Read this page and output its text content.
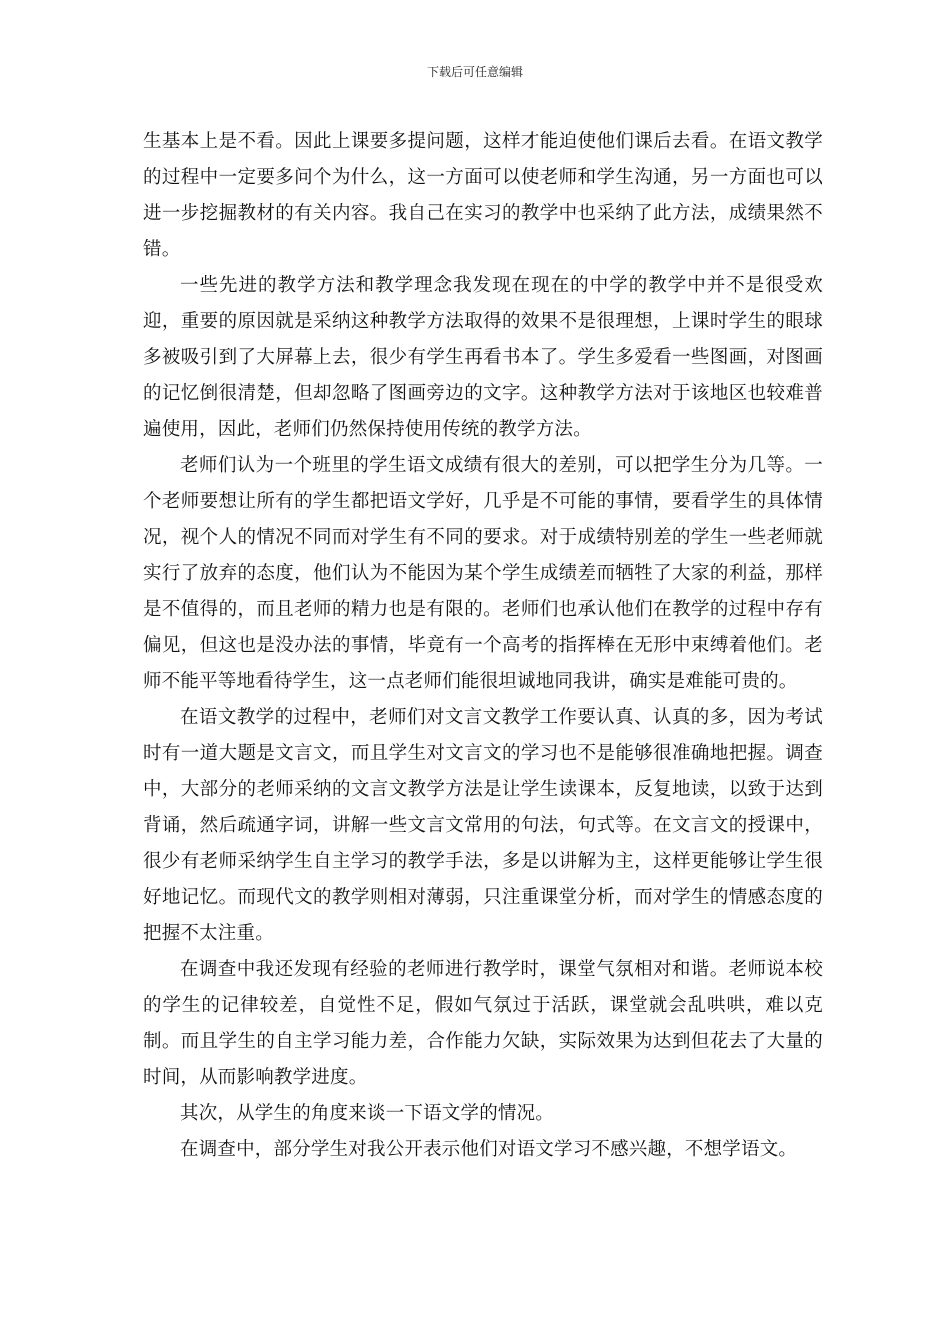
下载后可任意编辑

生基本上是不看。因此上课要多提问题，这样才能迫使他们课后去看。在语文教学的过程中一定要多问个为什么，这一方面可以使老师和学生沟通，另一方面也可以进一步挖掘教材的有关内容。我自己在实习的教学中也采纳了此方法，成绩果然不错。

一些先进的教学方法和教学理念我发现在现在的中学的教学中并不是很受欢迎，重要的原因就是采纳这种教学方法取得的效果不是很理想，上课时学生的眼球多被吸引到了大屏幕上去，很少有学生再看书本了。学生多爱看一些图画，对图画的记忆倒很清楚，但却忽略了图画旁边的文字。这种教学方法对于该地区也较难普遍使用，因此，老师们仍然保持使用传统的教学方法。

老师们认为一个班里的学生语文成绩有很大的差别，可以把学生分为几等。一个老师要想让所有的学生都把语文学好，几乎是不可能的事情，要看学生的具体情况，视个人的情况不同而对学生有不同的要求。对于成绩特别差的学生一些老师就实行了放弃的态度，他们认为不能因为某个学生成绩差而牺牲了大家的利益，那样是不值得的，而且老师的精力也是有限的。老师们也承认他们在教学的过程中存有偏见，但这也是没办法的事情，毕竟有一个高考的指挥棒在无形中束缚着他们。老师不能平等地看待学生，这一点老师们能很坦诚地同我讲，确实是难能可贵的。

在语文教学的过程中，老师们对文言文教学工作要认真、认真的多，因为考试时有一道大题是文言文，而且学生对文言文的学习也不是能够很准确地把握。调查中，大部分的老师采纳的文言文教学方法是让学生读课本，反复地读，以致于达到背诵，然后疏通字词，讲解一些文言文常用的句法，句式等。在文言文的授课中，很少有老师采纳学生自主学习的教学手法，多是以讲解为主，这样更能够让学生很好地记忆。而现代文的教学则相对薄弱，只注重课堂分析，而对学生的情感态度的把握不太注重。

在调查中我还发现有经验的老师进行教学时，课堂气氛相对和谐。老师说本校的学生的记律较差，自觉性不足，假如气氛过于活跃，课堂就会乱哄哄，难以克制。而且学生的自主学习能力差，合作能力欠缺，实际效果为达到但花去了大量的时间，从而影响教学进度。

其次，从学生的角度来谈一下语文学的情况。

在调查中，部分学生对我公开表示他们对语文学习不感兴趣，不想学语文。
